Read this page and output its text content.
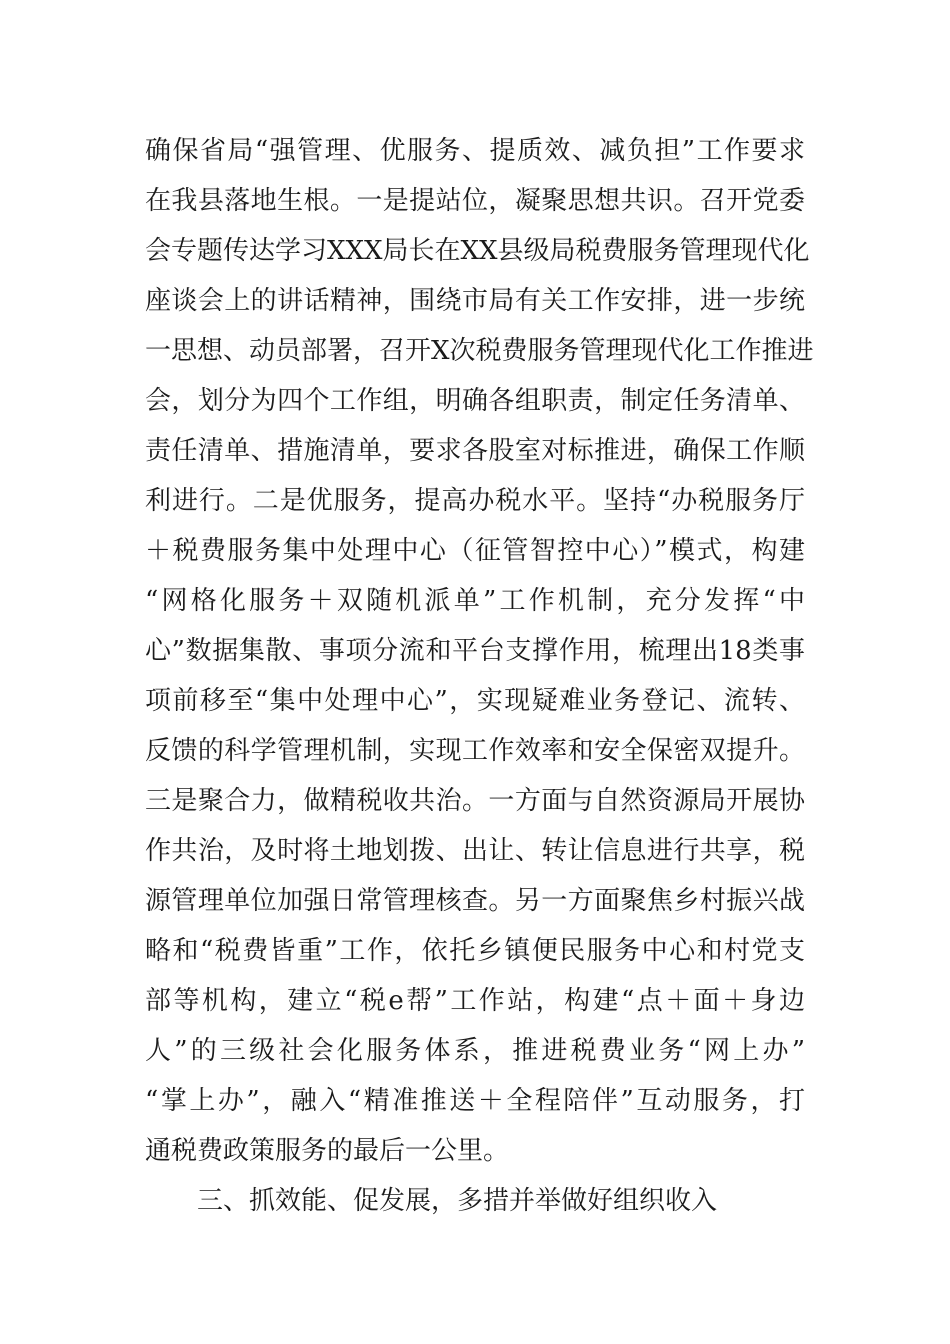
确保省局“强管理、优服务、提质效、减负担”工作要求
在我县落地生根。一是提站位，凝聚思想共识。召开党委
会专题传达学习XXX局长在XX县级局税费服务管理现代化
座谈会上的讲话精神，围绕市局有关工作安排，进一步统
一思想、动员部署，召开X次税费服务管理现代化工作推进
会，划分为四个工作组，明确各组职责，制定任务清单、
责任清单、措施清单，要求各股室对标推进，确保工作顺
利进行。二是优服务，提高办税水平。坚持“办税服务厅
＋税费服务集中处理中心（征管智控中心）”模式，构建
“网格化服务＋双随机派单”工作机制，充分发挥“中
心”数据集散、事项分流和平台支撑作用，梳理出18类事
项前移至“集中处理中心”，实现疑难业务登记、流转、
反馈的科学管理机制，实现工作效率和安全保密双提升。
三是聚合力，做精税收共治。一方面与自然资源局开展协
作共治，及时将土地划拨、出让、转让信息进行共享，税
源管理单位加强日常管理核查。另一方面聚焦乡村振兴战
略和“税费皆重”工作，依托乡镇便民服务中心和村党支
部等机构，建立“税e帮”工作站，构建“点＋面＋身边
人”的三级社会化服务体系，推进税费业务“网上办”
“掌上办”，融入“精准推送＋全程陪伴”互动服务，打
通税费政策服务的最后一公里。
三、抓效能、促发展，多措并举做好组织收入
